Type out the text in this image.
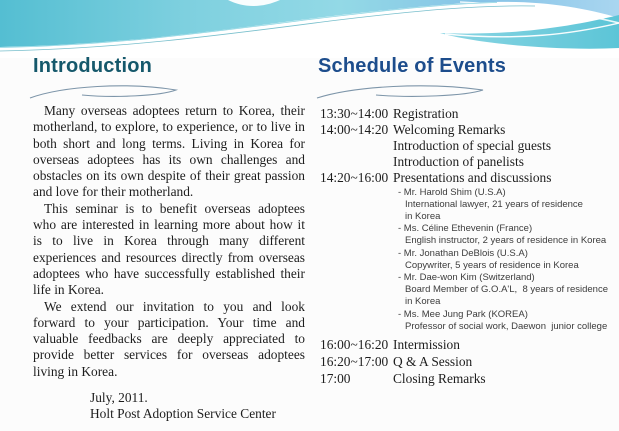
Introduction

Many overseas adoptees return to Korea, their motherland, to explore, to experience, or to live in both short and long terms. Living in Korea for overseas adoptees has its own challenges and obstacles on its own despite of their great passion and love for their motherland.

This seminar is to benefit overseas adoptees who are interested in learning more about how it is to live in Korea through many different experiences and resources directly from overseas adoptees who have successfully established their life in Korea.

We extend our invitation to you and look forward to your participation. Your time and valuable feedbacks are deeply appreciated to provide better services for overseas adoptees living in Korea.

July, 2011.
Holt Post Adoption Service Center
Schedule of Events
13:30~14:00 Registration
14:00~14:20 Welcoming Remarks
Introduction of special guests
Introduction of panelists
14:20~16:00 Presentations and discussions
- Mr. Harold Shim (U.S.A)
International lawyer, 21 years of residence
in Korea
- Ms. Céline Ethevenin (France)
English instructor, 2 years of residence in Korea
- Mr. Jonathan DeBlois (U.S.A)
Copywriter, 5 years of residence in Korea
- Mr. Dae-won Kim (Switzerland)
Board Member of G.O.A'L,  8 years of residence
in Korea
- Ms. Mee Jung Park (KOREA)
Professor of social work, Daewon  junior college
16:00~16:20 Intermission
16:20~17:00 Q & A Session
17:00	Closing Remarks
